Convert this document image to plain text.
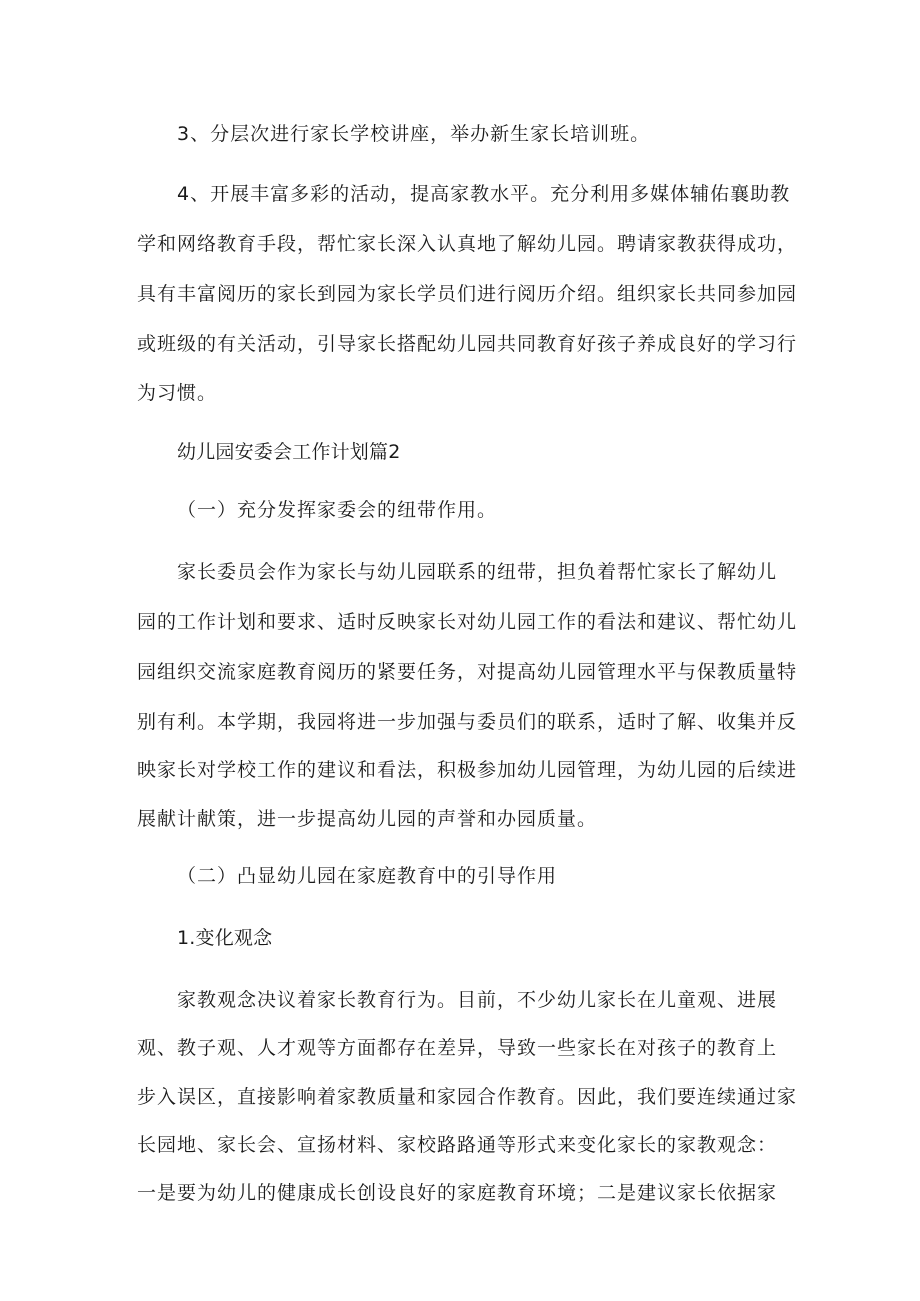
3、分层次进行家长学校讲座，举办新生家长培训班。
4、开展丰富多彩的活动，提高家教水平。充分利用多媒体辅佑襄助教
学和网络教育手段，帮忙家长深入认真地了解幼儿园。聘请家教获得成功，
具有丰富阅历的家长到园为家长学员们进行阅历介绍。组织家长共同参加园
或班级的有关活动，引导家长搭配幼儿园共同教育好孩子养成良好的学习行
为习惯。
幼儿园安委会工作计划篇2
（一）充分发挥家委会的纽带作用。
家长委员会作为家长与幼儿园联系的纽带，担负着帮忙家长了解幼儿
园的工作计划和要求、适时反映家长对幼儿园工作的看法和建议、帮忙幼儿
园组织交流家庭教育阅历的紧要任务，对提高幼儿园管理水平与保教质量特
别有利。本学期，我园将进一步加强与委员们的联系，适时了解、收集并反
映家长对学校工作的建议和看法，积极参加幼儿园管理，为幼儿园的后续进
展献计献策，进一步提高幼儿园的声誉和办园质量。
（二）凸显幼儿园在家庭教育中的引导作用
1.变化观念
家教观念决议着家长教育行为。目前，不少幼儿家长在儿童观、进展
观、教子观、人才观等方面都存在差异，导致一些家长在对孩子的教育上
步入误区，直接影响着家教质量和家园合作教育。因此，我们要连续通过家
长园地、家长会、宣扬材料、家校路路通等形式来变化家长的家教观念：
一是要为幼儿的健康成长创设良好的家庭教育环境；二是建议家长依据家
